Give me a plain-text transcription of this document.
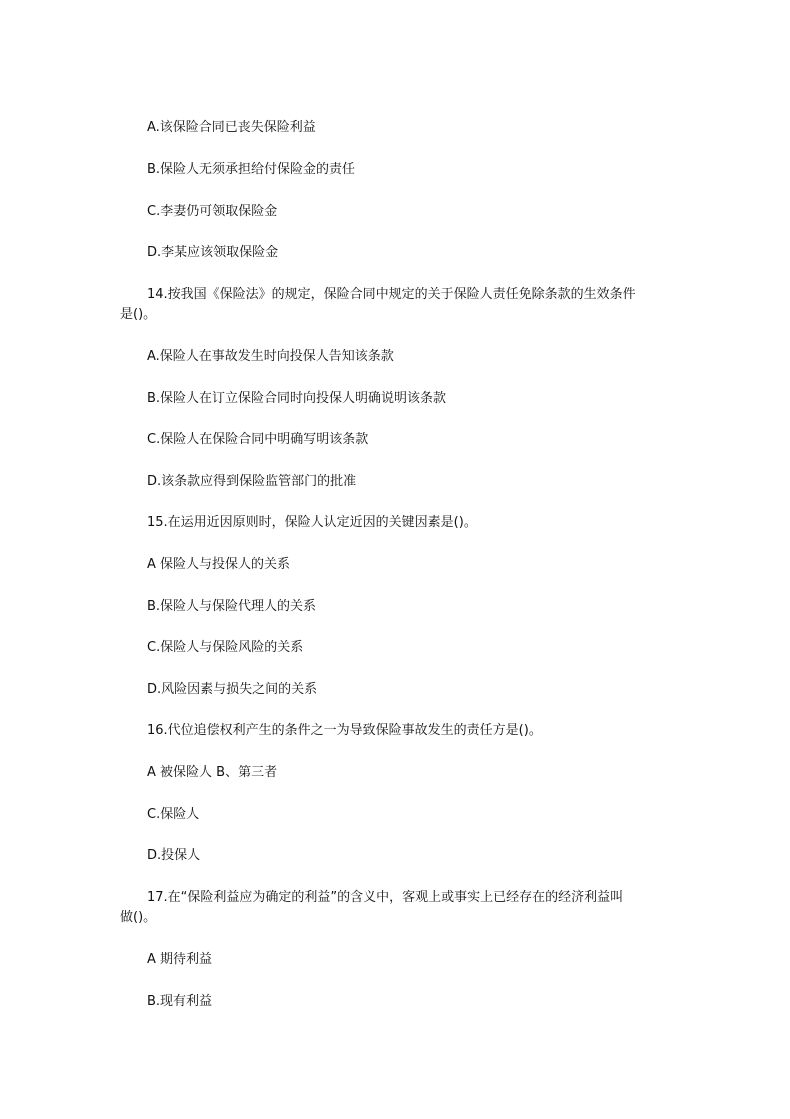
A.该保险合同已丧失保险利益

B.保险人无须承担给付保险金的责任

C.李妻仍可领取保险金

D.李某应该领取保险金

14.按我国《保险法》的规定，保险合同中规定的关于保险人责任免除条款的生效条件

是()。

A.保险人在事故发生时向投保人告知该条款

B.保险人在订立保险合同时向投保人明确说明该条款

C.保险人在保险合同中明确写明该条款

D.该条款应得到保险监管部门的批准

15.在运用近因原则时，保险人认定近因的关键因素是()。

A 保险人与投保人的关系

B.保险人与保险代理人的关系

C.保险人与保险风险的关系

D.风险因素与损失之间的关系

16.代位追偿权利产生的条件之一为导致保险事故发生的责任方是()。

A 被保险人 B、第三者

C.保险人

D.投保人

17.在“保险利益应为确定的利益”的含义中，客观上或事实上已经存在的经济利益叫

做()。

A 期待利益

B.现有利益
